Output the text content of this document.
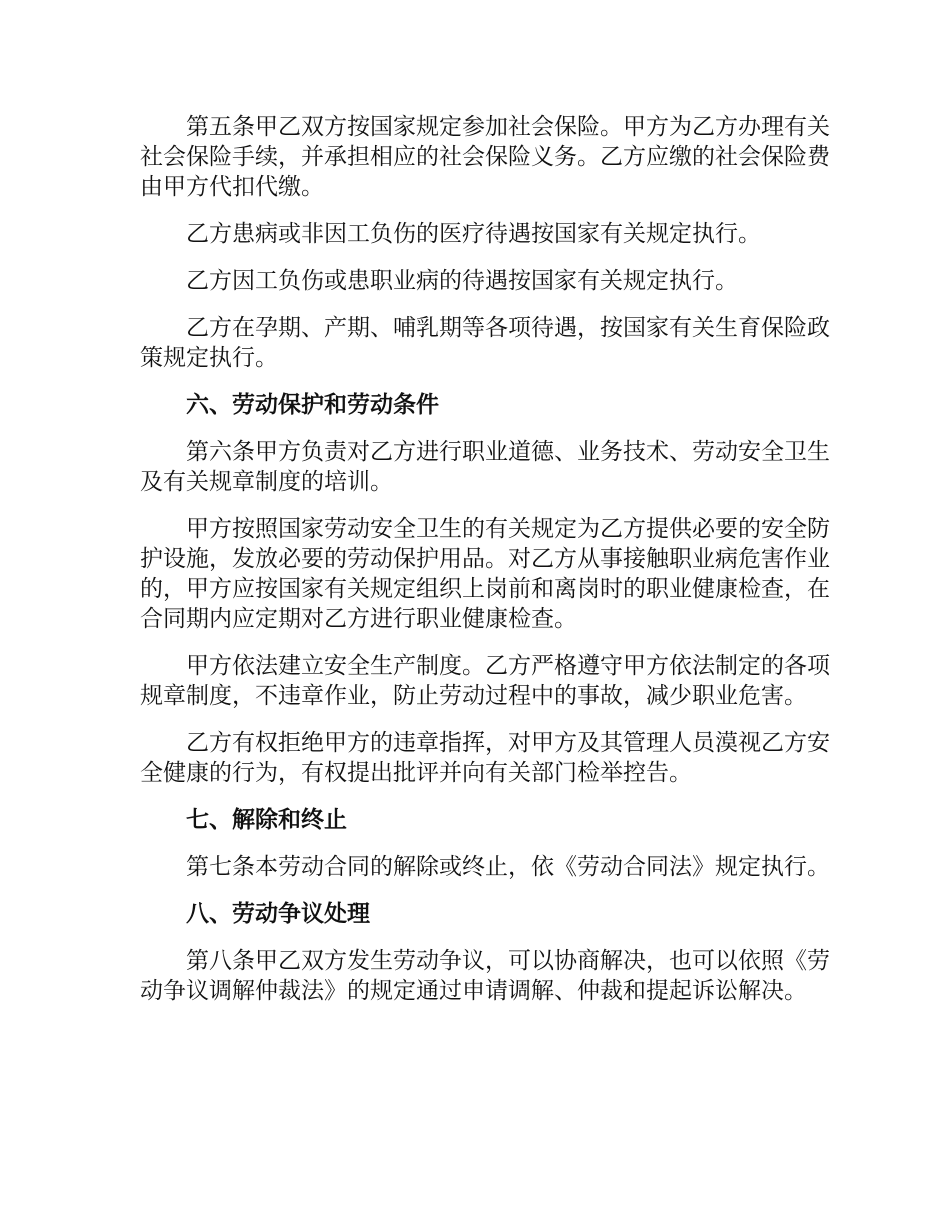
第五条甲乙双方按国家规定参加社会保险。甲方为乙方办理有关社会保险手续，并承担相应的社会保险义务。乙方应缴的社会保险费由甲方代扣代缴。

乙方患病或非因工负伤的医疗待遇按国家有关规定执行。

乙方因工负伤或患职业病的待遇按国家有关规定执行。

乙方在孕期、产期、哺乳期等各项待遇，按国家有关生育保险政策规定执行。

六、劳动保护和劳动条件

第六条甲方负责对乙方进行职业道德、业务技术、劳动安全卫生及有关规章制度的培训。

甲方按照国家劳动安全卫生的有关规定为乙方提供必要的安全防护设施，发放必要的劳动保护用品。对乙方从事接触职业病危害作业的，甲方应按国家有关规定组织上岗前和离岗时的职业健康检查，在合同期内应定期对乙方进行职业健康检查。

甲方依法建立安全生产制度。乙方严格遵守甲方依法制定的各项规章制度，不违章作业，防止劳动过程中的事故，减少职业危害。

乙方有权拒绝甲方的违章指挥，对甲方及其管理人员漠视乙方安全健康的行为，有权提出批评并向有关部门检举控告。

七、解除和终止

第七条本劳动合同的解除或终止，依《劳动合同法》规定执行。

八、劳动争议处理

第八条甲乙双方发生劳动争议，可以协商解决，也可以依照《劳动争议调解仲裁法》的规定通过申请调解、仲裁和提起诉讼解决。
